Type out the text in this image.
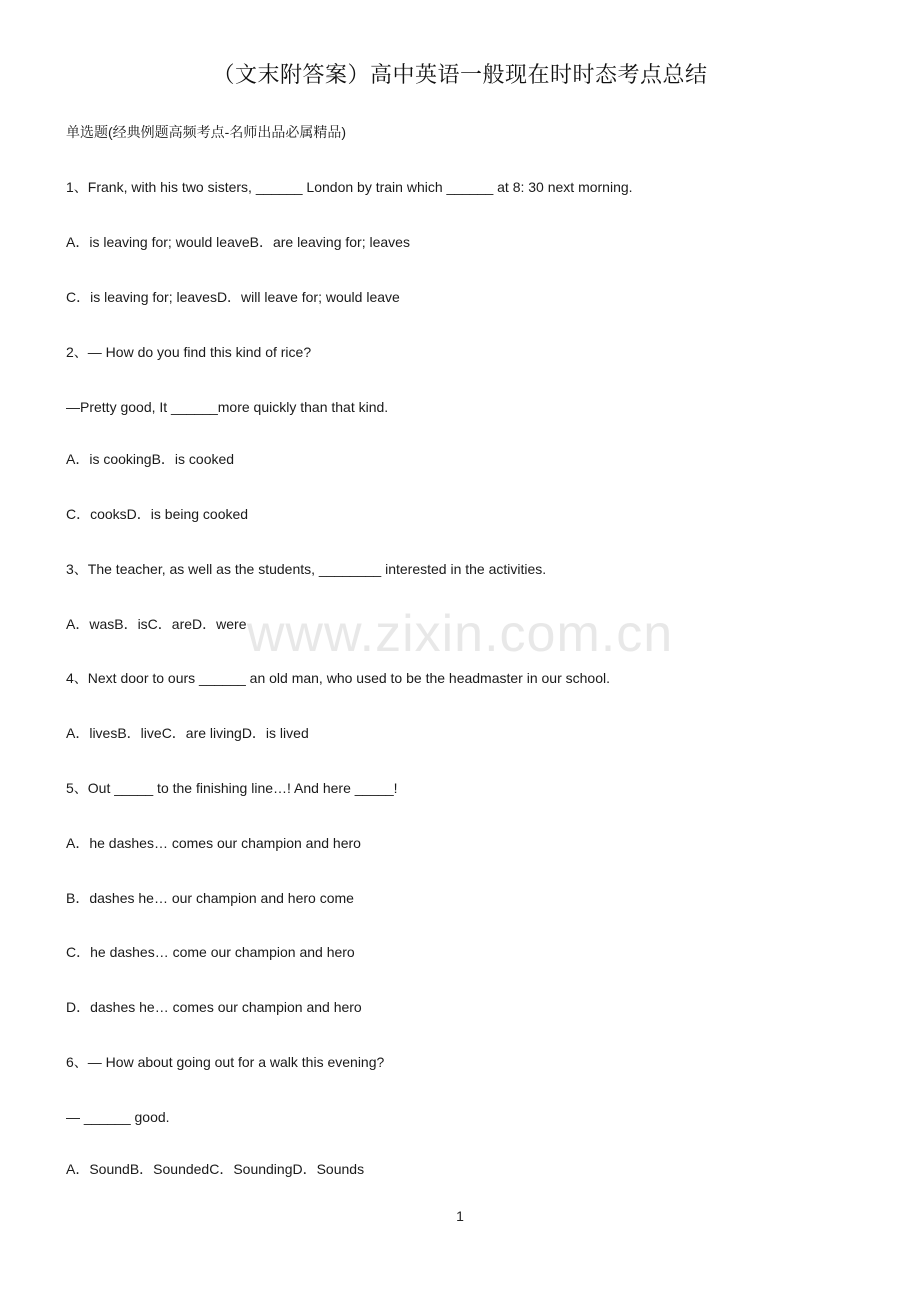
（文末附答案）高中英语一般现在时时态考点总结
单选题(经典例题高频考点-名师出品必属精品)
1、Frank, with his two sisters, ______ London by train which ______ at 8: 30 next morning.
A．is leaving for; would leaveB．are leaving for; leaves
C．is leaving for; leavesD．will leave for; would leave
2、— How do you find this kind of rice?
—Pretty good, It ______more quickly than that kind.
A．is cookingB．is cooked
C．cooksD．is being cooked
3、The teacher, as well as the students, ________ interested in the activities.
A．wasB．isC．areD．were
4、Next door to ours ______ an old man, who used to be the headmaster in our school.
A．livesB．liveC．are livingD．is lived
5、Out _____ to the finishing line…! And here _____!
A．he dashes… comes our champion and hero
B．dashes he… our champion and hero come
C．he dashes… come our champion and hero
D．dashes he… comes our champion and hero
6、— How about going out for a walk this evening?
— ______ good.
A．SoundB．SoundedC．SoundingD．Sounds
www.zixin.com.cn
1
